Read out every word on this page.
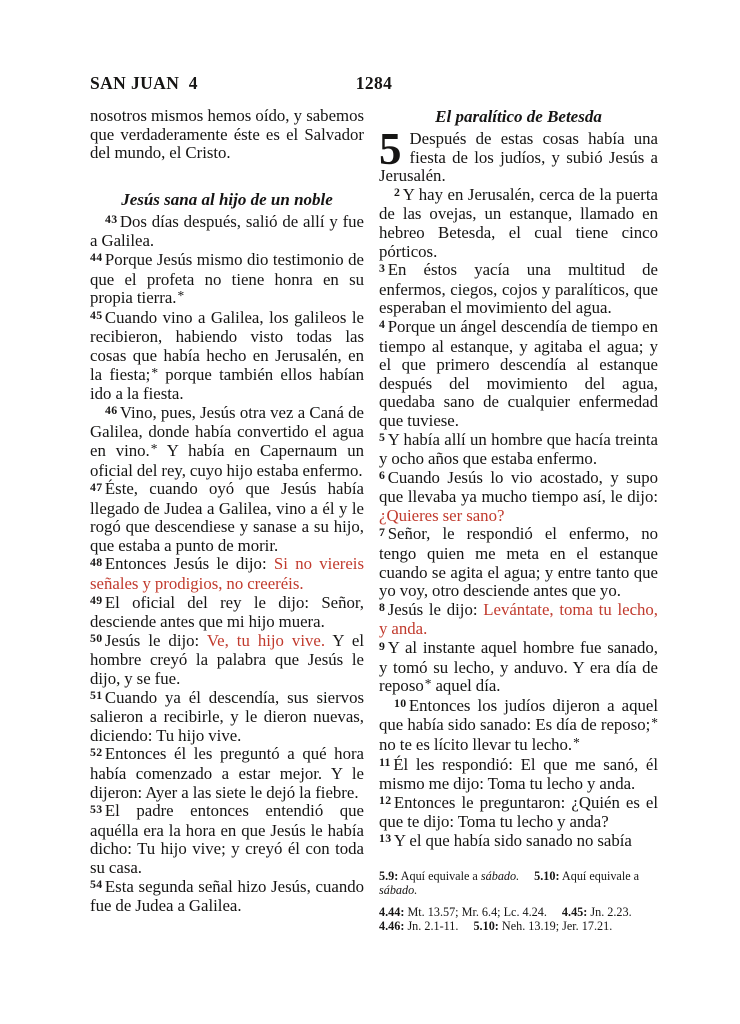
SAN JUAN  4	1284

nosotros mismos hemos oído, y sabemos que verdaderamente éste es el Salvador del mundo, el Cristo.

Jesús sana al hijo de un noble

$^{43}$ Dos días después, salió de allí y fue a Galilea.

$^{44}$ Porque Jesús mismo dio testimonio de que el profeta no tiene honra en su propia tierra.*

$^{45}$ Cuando vino a Galilea, los galileos le recibieron, habiendo visto todas las cosas que había hecho en Jerusalén, en la fiesta;* porque también ellos habían ido a la fiesta.

$^{46}$ Vino, pues, Jesús otra vez a Caná de Galilea, donde había convertido el agua en vino.* Y había en Capernaum un oficial del rey, cuyo hijo estaba enfermo.

$^{47}$ Éste, cuando oyó que Jesús había llegado de Judea a Galilea, vino a él y le rogó que descendiese y sanase a su hijo, que estaba a punto de morir.

$^{48}$ Entonces Jesús le dijo: Si no viereis señales y prodigios, no creeréis.

$^{49}$ El oficial del rey le dijo: Señor, desciende antes que mi hijo muera.

$^{50}$ Jesús le dijo: Ve, tu hijo vive. Y el hombre creyó la palabra que Jesús le dijo, y se fue.

$^{51}$ Cuando ya él descendía, sus siervos salieron a recibirle, y le dieron nuevas, diciendo: Tu hijo vive.

$^{52}$ Entonces él les preguntó a qué hora había comenzado a estar mejor. Y le dijeron: Ayer a las siete le dejó la fiebre.

$^{53}$ El padre entonces entendió que aquélla era la hora en que Jesús le había dicho: Tu hijo vive; y creyó él con toda su casa.

$^{54}$ Esta segunda señal hizo Jesús, cuando fue de Judea a Galilea.

El paralítico de Betesda

5 Después de estas cosas había una fiesta de los judíos, y subió Jesús a Jerusalén.

$^2$ Y hay en Jerusalén, cerca de la puerta de las ovejas, un estanque, llamado en hebreo Betesda, el cual tiene cinco pórticos.

$^3$ En éstos yacía una multitud de enfermos, ciegos, cojos y paralíticos, que esperaban el movimiento del agua.

$^4$ Porque un ángel descendía de tiempo en tiempo al estanque, y agitaba el agua; y el que primero descendía al estanque después del movimiento del agua, quedaba sano de cualquier enfermedad que tuviese.

$^5$ Y había allí un hombre que hacía treinta y ocho años que estaba enfermo.

$^6$ Cuando Jesús lo vio acostado, y supo que llevaba ya mucho tiempo así, le dijo: ¿Quieres ser sano?

$^7$ Señor, le respondió el enfermo, no tengo quien me meta en el estanque cuando se agita el agua; y entre tanto que yo voy, otro desciende antes que yo.

$^8$ Jesús le dijo: Levántate, toma tu lecho, y anda.

$^9$ Y al instante aquel hombre fue sanado, y tomó su lecho, y anduvo. Y era día de reposo* aquel día.

$^{10}$ Entonces los judíos dijeron a aquel que había sido sanado: Es día de reposo;* no te es lícito llevar tu lecho.*

$^{11}$ Él les respondió: El que me sanó, él mismo me dijo: Toma tu lecho y anda.

$^{12}$ Entonces le preguntaron: ¿Quién es el que te dijo: Toma tu lecho y anda?

$^{13}$ Y el que había sido sanado no sabía

5.9: Aquí equivale a sábado. 5.10: Aquí equivale a sábado.

4.44: Mt. 13.57; Mr. 6.4; Lc. 4.24. 4.45: Jn. 2.23.

4.46: Jn. 2.1-11. 5.10: Neh. 13.19; Jer. 17.21.
